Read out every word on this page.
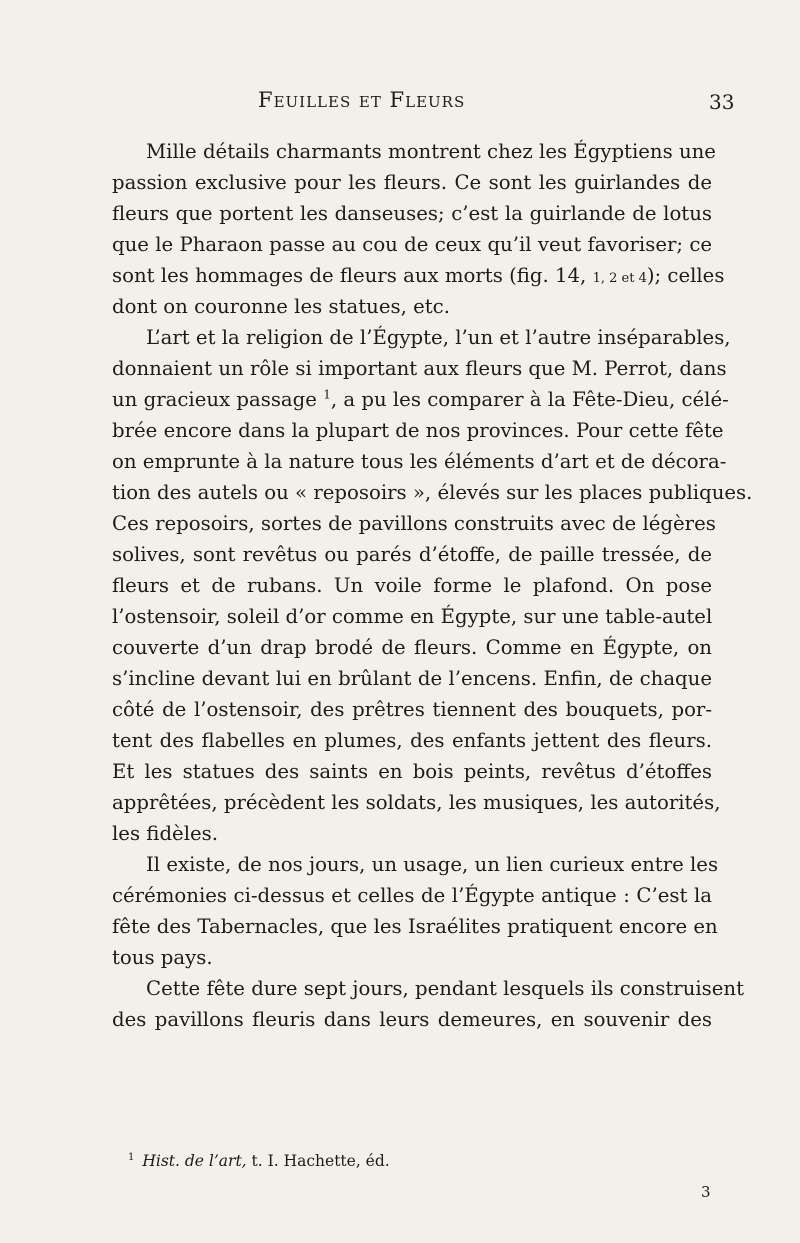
Feuilles et Fleurs	33
Mille détails charmants montrent chez les Égyptiens une
passion exclusive pour les fleurs. Ce sont les guirlandes de
fleurs que portent les danseuses; c’est la guirlande de lotus
que le Pharaon passe au cou de ceux qu’il veut favoriser; ce
sont les hommages de fleurs aux morts (fig. 14, 1, 2 et 4); celles
dont on couronne les statues, etc.
L’art et la religion de l’Égypte, l’un et l’autre inséparables,
donnaient un rôle si important aux fleurs que M. Perrot, dans
un gracieux passage $^1$, a pu les comparer à la Fête-Dieu, célé-
brée encore dans la plupart de nos provinces. Pour cette fête
on emprunte à la nature tous les éléments d’art et de décora-
tion des autels ou « reposoirs », élevés sur les places publiques.
Ces reposoirs, sortes de pavillons construits avec de légères
solives, sont revêtus ou parés d’étoffe, de paille tressée, de
fleurs et de rubans. Un voile forme le plafond. On pose
l’ostensoir, soleil d’or comme en Égypte, sur une table-autel
couverte d’un drap brodé de fleurs. Comme en Égypte, on
s’incline devant lui en brûlant de l’encens. Enfin, de chaque
côté de l’ostensoir, des prêtres tiennent des bouquets, por-
tent des flabelles en plumes, des enfants jettent des fleurs.
Et les statues des saints en bois peints, revêtus d’étoffes
apprêtées, précèdent les soldats, les musiques, les autorités,
les fidèles.
Il existe, de nos jours, un usage, un lien curieux entre les
cérémonies ci-dessus et celles de l’Égypte antique : C’est la
fête des Tabernacles, que les Israélites pratiquent encore en
tous pays.
Cette fête dure sept jours, pendant lesquels ils construisent
des pavillons fleuris dans leurs demeures, en souvenir des
$^1$ Hist. de l’art, t. I. Hachette, éd.
3
